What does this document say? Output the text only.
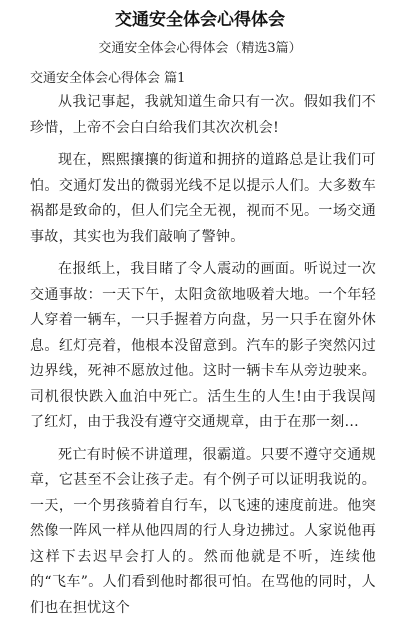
交通安全体会心得体会
交通安全体会心得体会（精选3篇）
交通安全体会心得体会 篇1

从我记事起，我就知道生命只有一次。假如我们不珍惜，上帝不会白白给我们其次次机会!

现在，熙熙攘攘的街道和拥挤的道路总是让我们可怕。交通灯发出的微弱光线不足以提示人们。大多数车祸都是致命的，但人们完全无视，视而不见。一场交通事故，其实也为我们敲响了警钟。

在报纸上，我目睹了令人震动的画面。听说过一次交通事故：一天下午，太阳贪欲地吸着大地。一个年轻人穿着一辆车，一只手握着方向盘，另一只手在窗外休息。红灯亮着，他根本没留意到。汽车的影子突然闪过边界线，死神不愿放过他。这时一辆卡车从旁边驶来。司机很快跌入血泊中死亡。活生生的人生!由于我误闯了红灯，由于我没有遵守交通规章，由于在那一刻...

死亡有时候不讲道理，很霸道。只要不遵守交通规章，它甚至不会让孩子走。有个例子可以证明我说的。一天，一个男孩骑着自行车，以飞速的速度前进。他突然像一阵风一样从他四周的行人身边拂过。人家说他再这样下去迟早会打人的。然而他就是不听，连续他的“飞车”。人们看到他时都很可怕。在骂他的同时，人们也在担忧这个
